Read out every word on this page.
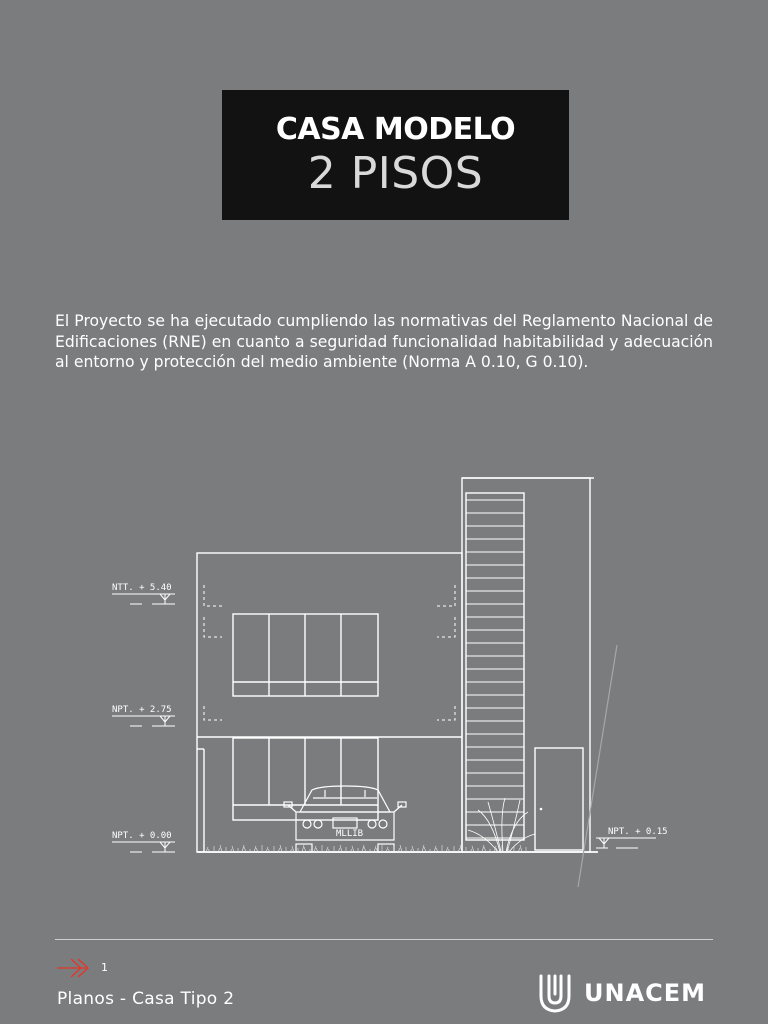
CASA MODELO
2 PISOS
El Proyecto se ha ejecutado cumpliendo las normativas del Reglamento Nacional de Edificaciones (RNE) en cuanto a seguridad funcionalidad habitabilidad y adecuación al entorno y protección del medio ambiente (Norma A 0.10, G 0.10).
MLLIB
NTT. + 5.40
NPT. + 2.75
NPT. + 0.00	NPT. + 0.15
1
Planos - Casa Tipo 2	UNACEM
